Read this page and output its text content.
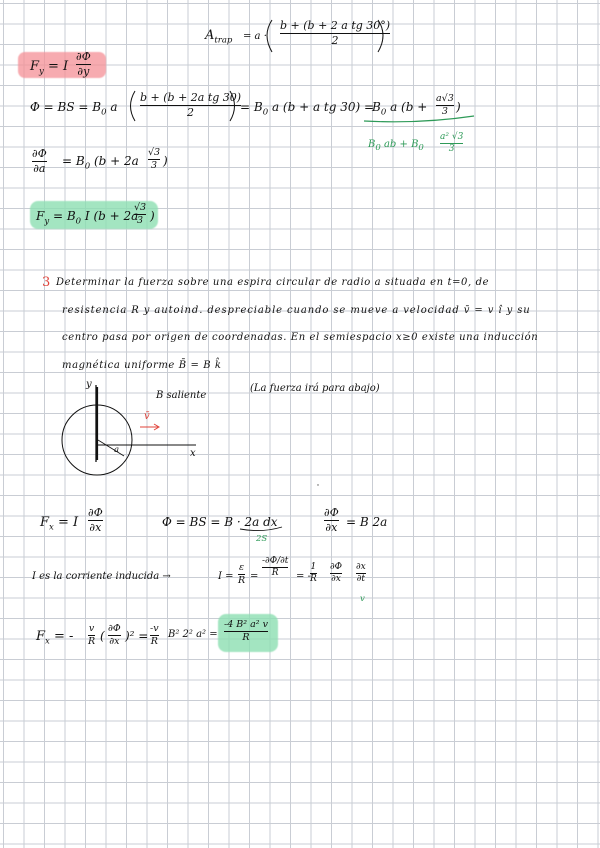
$A_{trap} = a$ ·
b + (b + 2 a tg 30°)
2
$F_y = I$
∂Φ
∂y
Φ = BS = $B_0$ a
b + (b + 2a tg 30)
2	= $B_0$ a (b + a tg 30) =
$B_0$ a (b +
a√3
3 )
$B_0$ ab + $B_0$
a² √3
3
∂Φ
∂a
= $B_0$ (b + 2a
√3
3 )
$F_y = B_0$ I (b + 2a
√3
3 )
3 Determinar la fuerza sobre una espira circular de radio a situada en t=0, de
resistencia R y autoind. despreciable cuando se mueve a velocidad v̄ = v î y su
centro pasa por origen de coordenadas. En el semiespacio x≥0 existe una inducción
magnética uniforme B̄ = B k̂
(La fuerza irá para abajo)
y
x
B saliente
v̄
a
$F_x = I$
∂Φ
∂x	Φ = BS = B · 2a dx
2S
∂Φ
∂x = B 2a
I es la corriente inducida →	I =
ε
R =
-∂Φ/∂t
R = -
1
R
∂Φ
∂x
∂x
∂t
v
$F_x$ = -
v
R (
∂Φ
∂x )² =
-v
R
B² 2² a² =
-4 B² a² v
R
